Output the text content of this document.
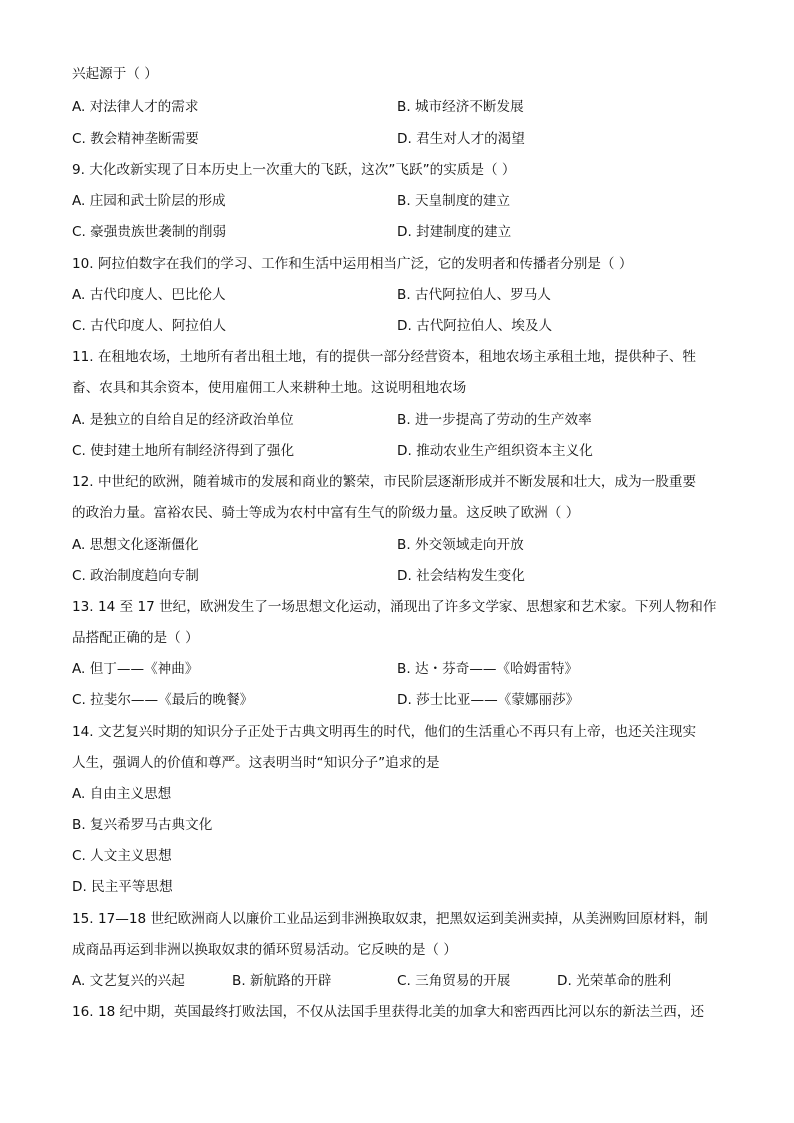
兴起源于（ ）
A. 对法律人才的需求	B. 城市经济不断发展
C. 教会精神垄断需要	D. 君生对人才的渴望
9. 大化改新实现了日本历史上一次重大的飞跃，这次”飞跃”的实质是（ ）
A. 庄园和武士阶层的形成	B. 天皇制度的建立
C. 豪强贵族世袭制的削弱	D. 封建制度的建立
10. 阿拉伯数字在我们的学习、工作和生活中运用相当广泛，它的发明者和传播者分别是（ ）
A. 古代印度人、巴比伦人	B. 古代阿拉伯人、罗马人
C. 古代印度人、阿拉伯人	D. 古代阿拉伯人、埃及人
11. 在租地农场，土地所有者出租土地，有的提供一部分经营资本，租地农场主承租土地，提供种子、牲
畜、农具和其余资本，使用雇佣工人来耕种土地。这说明租地农场
A. 是独立的自给自足的经济政治单位	B. 进一步提高了劳动的生产效率
C. 使封建土地所有制经济得到了强化	D. 推动农业生产组织资本主义化
12. 中世纪的欧洲，随着城市的发展和商业的繁荣，市民阶层逐渐形成并不断发展和壮大，成为一股重要
的政治力量。富裕农民、骑士等成为农村中富有生气的阶级力量。这反映了欧洲（ ）
A. 思想文化逐渐僵化	B. 外交领域走向开放
C. 政治制度趋向专制	D. 社会结构发生变化
13. 14 至 17 世纪，欧洲发生了一场思想文化运动，涌现出了许多文学家、思想家和艺术家。下列人物和作
品搭配正确的是（ ）
A. 但丁——《神曲》	B. 达・芬奇——《哈姆雷特》
C. 拉斐尔——《最后的晚餐》	D. 莎士比亚——《蒙娜丽莎》
14. 文艺复兴时期的知识分子正处于古典文明再生的时代，他们的生活重心不再只有上帝，也还关注现实
人生，强调人的价值和尊严。这表明当时“知识分子”追求的是
A. 自由主义思想
B. 复兴希罗马古典文化
C. 人文主义思想
D. 民主平等思想
15. 17—18 世纪欧洲商人以廉价工业品运到非洲换取奴隶，把黑奴运到美洲卖掉，从美洲购回原材料，制
成商品再运到非洲以换取奴隶的循环贸易活动。它反映的是（ ）
A. 文艺复兴的兴起	B. 新航路的开辟	C. 三角贸易的开展	D. 光荣革命的胜利
16. 18 纪中期，英国最终打败法国，不仅从法国手里获得北美的加拿大和密西西比河以东的新法兰西，还
